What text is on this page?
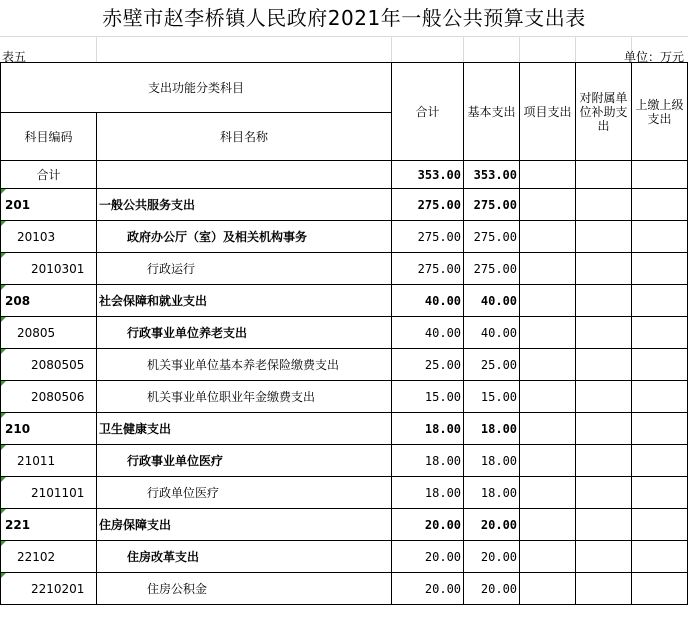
赤壁市赵李桥镇人民政府2021年一般公共预算支出表
表五	单位：万元
支出功能分类科目		合计	基本支出	项目支出	对附属单位补助支出	上缴上级支出
科目编码	科目名称					
合计		353.00	353.00			

201	一般公共服务支出	275.00	275.00			

20103	政府办公厅（室）及相关机构事务	275.00	275.00			

2010301	行政运行	275.00	275.00			

208	社会保障和就业支出	40.00	40.00			

20805	行政事业单位养老支出	40.00	40.00			

2080505	机关事业单位基本养老保险缴费支出	25.00	25.00			

2080506	机关事业单位职业年金缴费支出	15.00	15.00			

210	卫生健康支出	18.00	18.00			

21011	行政事业单位医疗	18.00	18.00			

2101101	行政单位医疗	18.00	18.00			

221	住房保障支出	20.00	20.00			

22102	住房改革支出	20.00	20.00			

2210201	住房公积金	20.00	20.00			
